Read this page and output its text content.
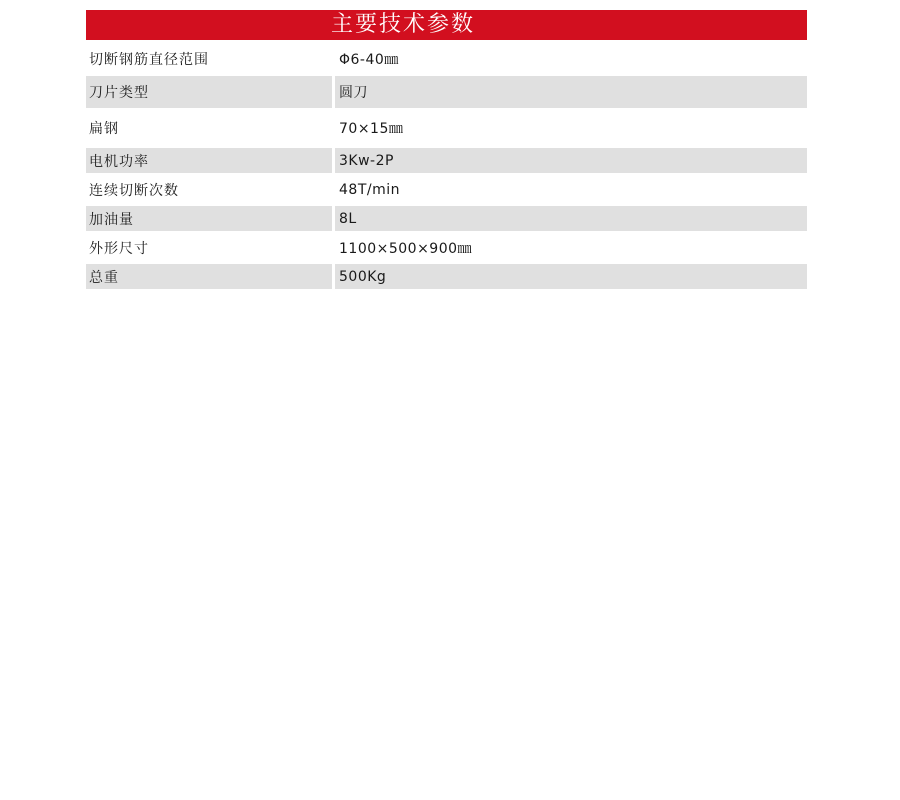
主要技术参数
切断钢筋直径范围	Φ6-40㎜
刀片类型	圆刀
扁钢	70×15㎜
电机功率	3Kw-2P
连续切断次数	48T/min
加油量	8L
外形尺寸	1100×500×900㎜
总重	500Kg
